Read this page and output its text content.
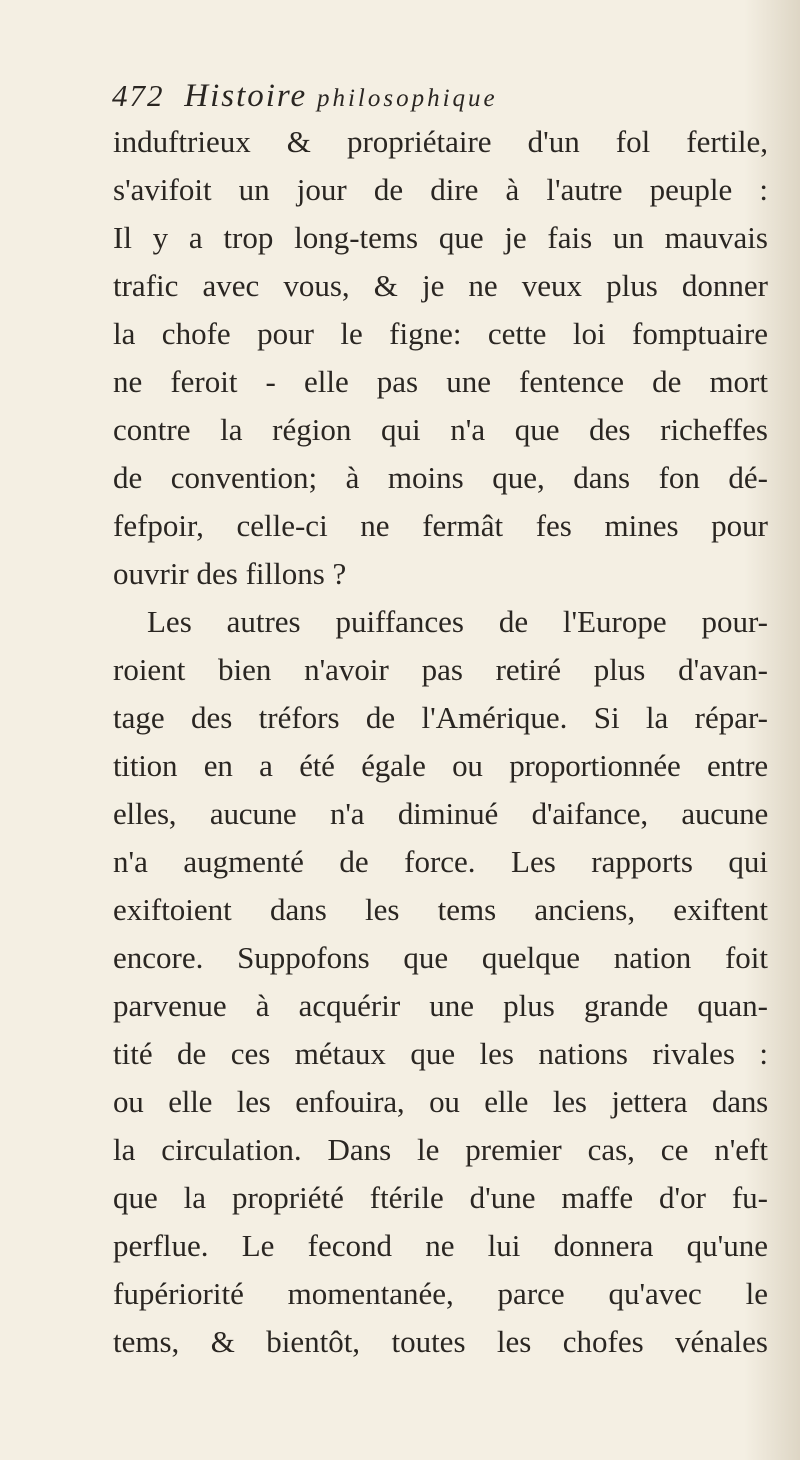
472 Histoire philosophique
induftrieux & propriétaire d'un fol fertile,
s'avifoit un jour de dire à l'autre peuple :
Il y a trop long-tems que je fais un mauvais
trafic avec vous, & je ne veux plus donner
la chofe pour le figne: cette loi fomptuaire
ne feroit - elle pas une fentence de mort
contre la région qui n'a que des richeffes
de convention; à moins que, dans fon dé-
fefpoir, celle-ci ne fermât fes mines pour
ouvrir des fillons ?
Les autres puiffances de l'Europe pour-
roient bien n'avoir pas retiré plus d'avan-
tage des tréfors de l'Amérique. Si la répar-
tition en a été égale ou proportionnée entre
elles, aucune n'a diminué d'aifance, aucune
n'a augmenté de force. Les rapports qui
exiftoient dans les tems anciens, exiftent
encore. Suppofons que quelque nation foit
parvenue à acquérir une plus grande quan-
tité de ces métaux que les nations rivales :
ou elle les enfouira, ou elle les jettera dans
la circulation. Dans le premier cas, ce n'eft
que la propriété ftérile d'une maffe d'or fu-
perflue. Le fecond ne lui donnera qu'une
fupériorité momentanée, parce qu'avec le
tems, & bientôt, toutes les chofes vénales
